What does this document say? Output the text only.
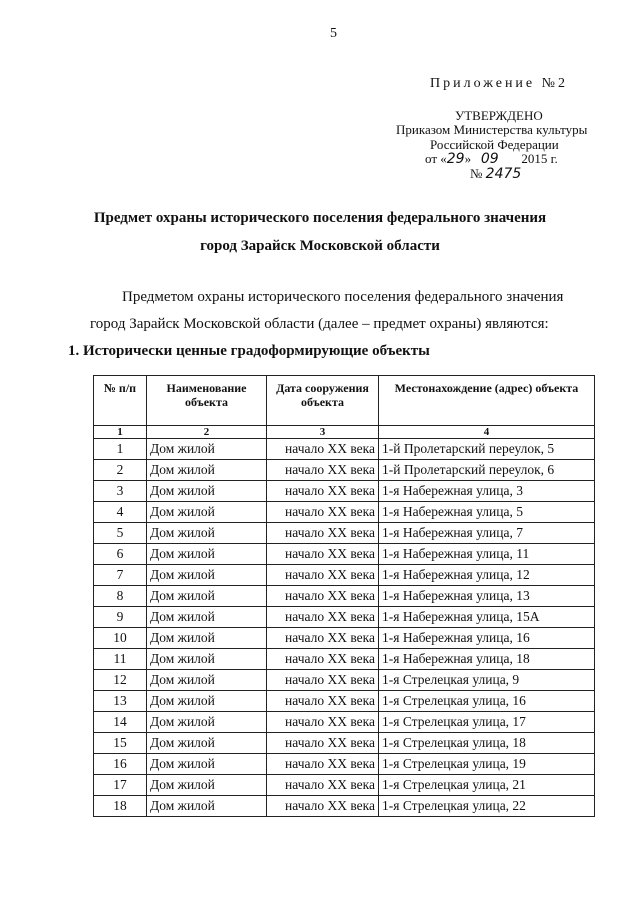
5
Приложение №2
УТВЕРЖДЕНО
Приказом Министерства культуры
Российской Федерации
от «29» 09 2015 г.
№ 2475
Предмет охраны исторического поселения федерального значения
город Зарайск Московской области
Предметом охраны исторического поселения федерального значения
город Зарайск Московской области (далее – предмет охраны) являются:
1. Исторически ценные градоформирующие объекты
№ п/п	Наименование объекта	Дата сооружения объекта	Местонахождение (адрес) объекта
1	2	3	4
1	Дом жилой	начало XX века	1-й Пролетарский переулок, 5
2	Дом жилой	начало XX века	1-й Пролетарский переулок, 6
3	Дом жилой	начало XX века	1-я Набережная улица, 3
4	Дом жилой	начало XX века	1-я Набережная улица, 5
5	Дом жилой	начало XX века	1-я Набережная улица, 7
6	Дом жилой	начало XX века	1-я Набережная улица, 11
7	Дом жилой	начало XX века	1-я Набережная улица, 12
8	Дом жилой	начало XX века	1-я Набережная улица, 13
9	Дом жилой	начало XX века	1-я Набережная улица, 15А
10	Дом жилой	начало XX века	1-я Набережная улица, 16
11	Дом жилой	начало XX века	1-я Набережная улица, 18
12	Дом жилой	начало XX века	1-я Стрелецкая улица, 9
13	Дом жилой	начало XX века	1-я Стрелецкая улица, 16
14	Дом жилой	начало XX века	1-я Стрелецкая улица, 17
15	Дом жилой	начало XX века	1-я Стрелецкая улица, 18
16	Дом жилой	начало XX века	1-я Стрелецкая улица, 19
17	Дом жилой	начало XX века	1-я Стрелецкая улица, 21
18	Дом жилой	начало XX века	1-я Стрелецкая улица, 22
